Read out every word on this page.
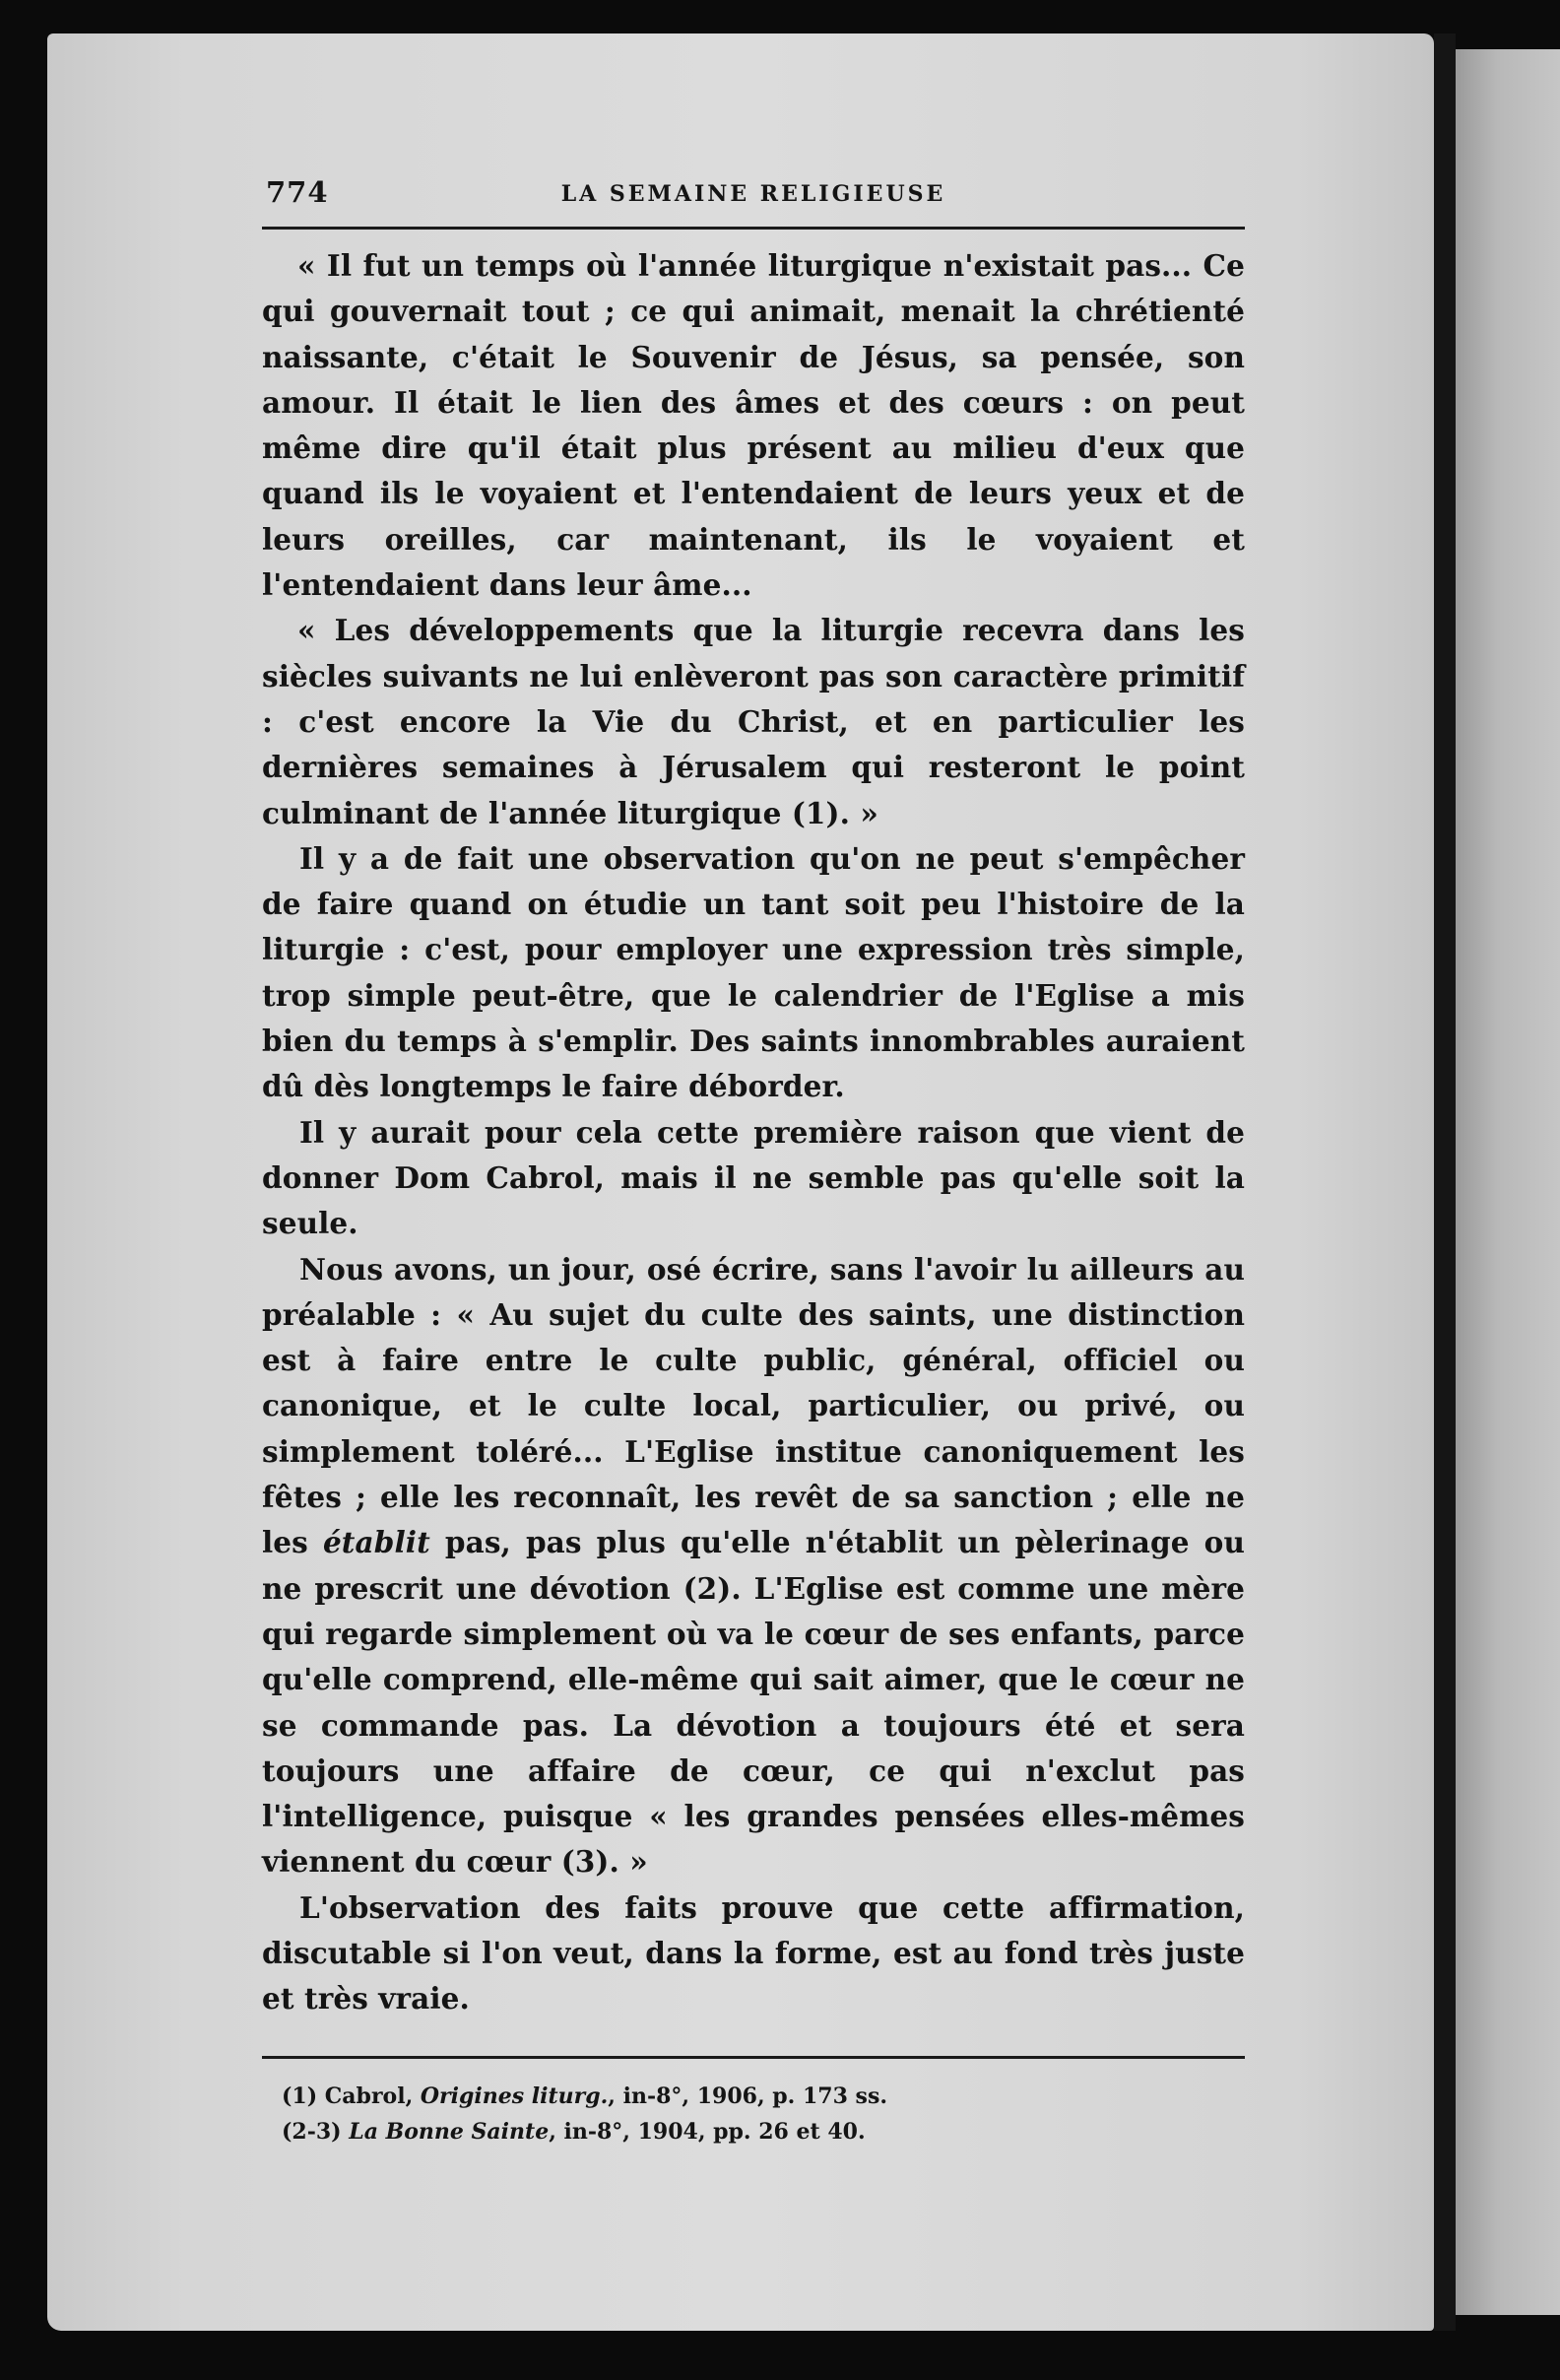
774	LA SEMAINE RELIGIEUSE

« Il fut un temps où l'année liturgique n'existait pas... Ce qui gouvernait tout ; ce qui animait, menait la chrétienté naissante, c'était le Souvenir de Jésus, sa pensée, son amour. Il était le lien des âmes et des cœurs : on peut même dire qu'il était plus présent au milieu d'eux que quand ils le voyaient et l'entendaient de leurs yeux et de leurs oreilles, car maintenant, ils le voyaient et l'entendaient dans leur âme...

« Les développements que la liturgie recevra dans les siècles suivants ne lui enlèveront pas son caractère primitif : c'est encore la Vie du Christ, et en particulier les dernières semaines à Jérusalem qui resteront le point culminant de l'année liturgique (1). »

Il y a de fait une observation qu'on ne peut s'empêcher de faire quand on étudie un tant soit peu l'histoire de la liturgie : c'est, pour employer une expression très simple, trop simple peut-être, que le calendrier de l'Eglise a mis bien du temps à s'emplir. Des saints innombrables auraient dû dès longtemps le faire déborder.

Il y aurait pour cela cette première raison que vient de donner Dom Cabrol, mais il ne semble pas qu'elle soit la seule.

Nous avons, un jour, osé écrire, sans l'avoir lu ailleurs au préalable : « Au sujet du culte des saints, une distinction est à faire entre le culte public, général, officiel ou canonique, et le culte local, particulier, ou privé, ou simplement toléré... L'Eglise institue canoniquement les fêtes ; elle les reconnaît, les revêt de sa sanction ; elle ne les établit pas, pas plus qu'elle n'établit un pèlerinage ou ne prescrit une dévotion (2). L'Eglise est comme une mère qui regarde simplement où va le cœur de ses enfants, parce qu'elle comprend, elle-même qui sait aimer, que le cœur ne se commande pas. La dévotion a toujours été et sera toujours une affaire de cœur, ce qui n'exclut pas l'intelligence, puisque « les grandes pensées elles-mêmes viennent du cœur (3). »

L'observation des faits prouve que cette affirmation, discutable si l'on veut, dans la forme, est au fond très juste et très vraie.

(1) Cabrol, Origines liturg., in-8°, 1906, p. 173 ss.

(2-3) La Bonne Sainte, in-8°, 1904, pp. 26 et 40.
